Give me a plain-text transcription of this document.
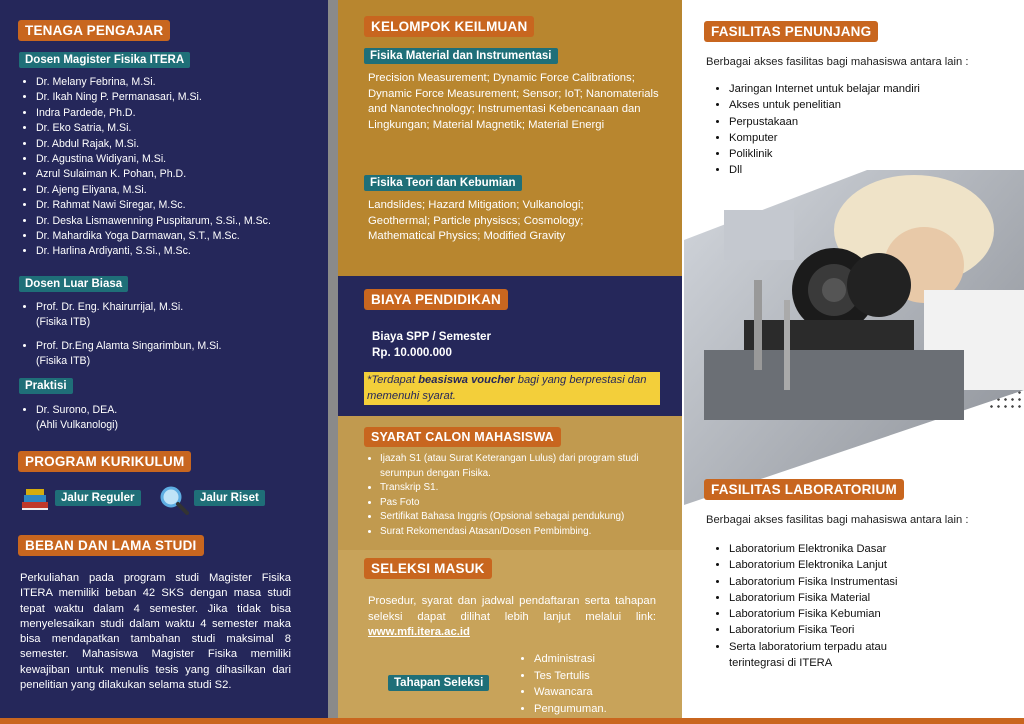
TENAGA PENGAJAR
Dosen Magister Fisika ITERA
• Dr. Melany Febrina, M.Si.
• Dr. Ikah Ning P. Permanasari, M.Si.
• Indra Pardede, Ph.D.
• Dr. Eko Satria, M.Si.
• Dr. Abdul Rajak, M.Si.
• Dr. Agustina Widiyani, M.Si.
• Azrul Sulaiman K. Pohan, Ph.D.
• Dr. Ajeng Eliyana, M.Si.
• Dr. Rahmat Nawi Siregar, M.Sc.
• Dr. Deska Lismawenning Puspitarum, S.Si., M.Sc.
• Dr. Mahardika Yoga Darmawan, S.T., M.Sc.
• Dr. Harlina Ardiyanti, S.Si., M.Sc.
Dosen Luar Biasa
• Prof. Dr. Eng. Khairurrijal, M.Si.
(Fisika ITB)
• Prof. Dr.Eng Alamta Singarimbun, M.Si.
(Fisika ITB)
Praktisi
• Dr. Surono, DEA.
(Ahli Vulkanologi)
PROGRAM KURIKULUM
Jalur Reguler	Jalur Riset
BEBAN DAN LAMA STUDI
Perkuliahan pada program studi Magister Fisika ITERA memiliki beban 42 SKS dengan masa studi tepat waktu dalam 4 semester. Jika tidak bisa menyelesaikan studi dalam waktu 4 semester maka bisa mendapatkan tambahan studi maksimal 8 semester. Mahasiswa Magister Fisika memiliki kewajiban untuk menulis tesis yang dihasilkan dari penelitian yang dilakukan selama studi S2.
KELOMPOK KEILMUAN
Fisika Material dan Instrumentasi
Precision Measurement; Dynamic Force Calibrations; Dynamic Force Measurement; Sensor; IoT; Nanomaterials and Nanotechnology; Instrumentasi Kebencanaan dan Lingkungan; Material Magnetik; Material Energi
Fisika Teori dan Kebumian
Landslides; Hazard Mitigation; Vulkanologi; Geothermal; Particle physiscs; Cosmology; Mathematical Physics; Modified Gravity
BIAYA PENDIDIKAN
Biaya SPP / Semester
Rp. 10.000.000
*Terdapat beasiswa voucher bagi yang berprestasi dan memenuhi syarat.
SYARAT CALON MAHASISWA
• Ijazah S1 (atau Surat Keterangan Lulus) dari program studi serumpun dengan Fisika.
• Transkrip S1.
• Pas Foto
• Sertifikat Bahasa Inggris (Opsional sebagai pendukung)
• Surat Rekomendasi Atasan/Dosen Pembimbing.
SELEKSI MASUK
Prosedur, syarat dan jadwal pendaftaran serta tahapan seleksi dapat dilihat lebih lanjut melalui link: www.mfi.itera.ac.id
Tahapan Seleksi
• Administrasi
• Tes Tertulis
• Wawancara
• Pengumuman.
FASILITAS PENUNJANG
Berbagai akses fasilitas bagi mahasiswa antara lain :
• Jaringan Internet untuk belajar mandiri
• Akses untuk penelitian
• Perpustakaan
• Komputer
• Poliklinik
• Dll
FASILITAS LABORATORIUM
Berbagai akses fasilitas bagi mahasiswa antara lain :
• Laboratorium Elektronika Dasar
• Laboratorium Elektronika Lanjut
• Laboratorium Fisika Instrumentasi
• Laboratorium Fisika Material
• Laboratorium Fisika Kebumian
• Laboratorium Fisika Teori
• Serta laboratorium terpadu atau terintegrasi di ITERA
